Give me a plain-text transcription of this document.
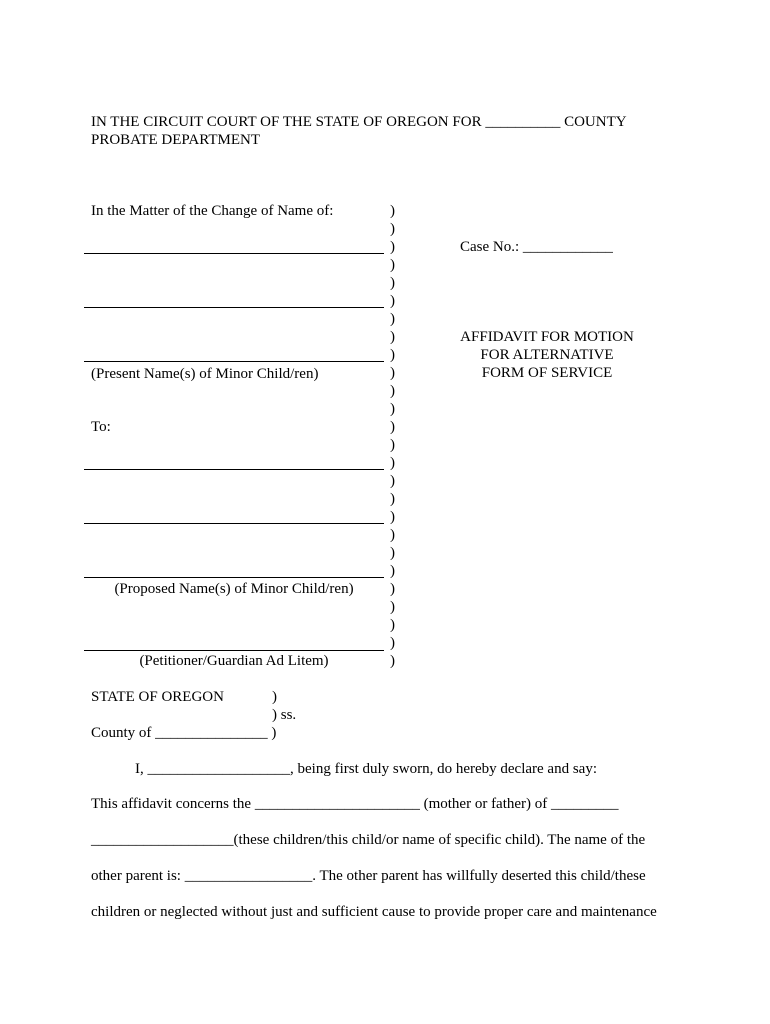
IN THE CIRCUIT COURT OF THE STATE OF OREGON FOR __________ COUNTY
PROBATE DEPARTMENT
In the Matter of the Change of Name of:
(Present Name(s) of Minor Child/ren)
To:
(Proposed Name(s) of Minor Child/ren)
(Petitioner/Guardian Ad Litem)
)
)
)
)
)
)
)
)
)
)
)
)
)
)
)
)
)
)
)
)
)
)
)
)
)
)
Case No.: ____________
AFFIDAVIT FOR MOTION
FOR ALTERNATIVE
FORM OF SERVICE
STATE OF OREGON	)
) ss.
County of _______________ )
I, ___________________, being first duly sworn, do hereby declare and say:
This affidavit concerns the ______________________ (mother or father) of _________
___________________(these children/this child/or name of specific child). The name of the
other parent is: _________________. The other parent has willfully deserted this child/these
children or neglected without just and sufficient cause to provide proper care and maintenance
